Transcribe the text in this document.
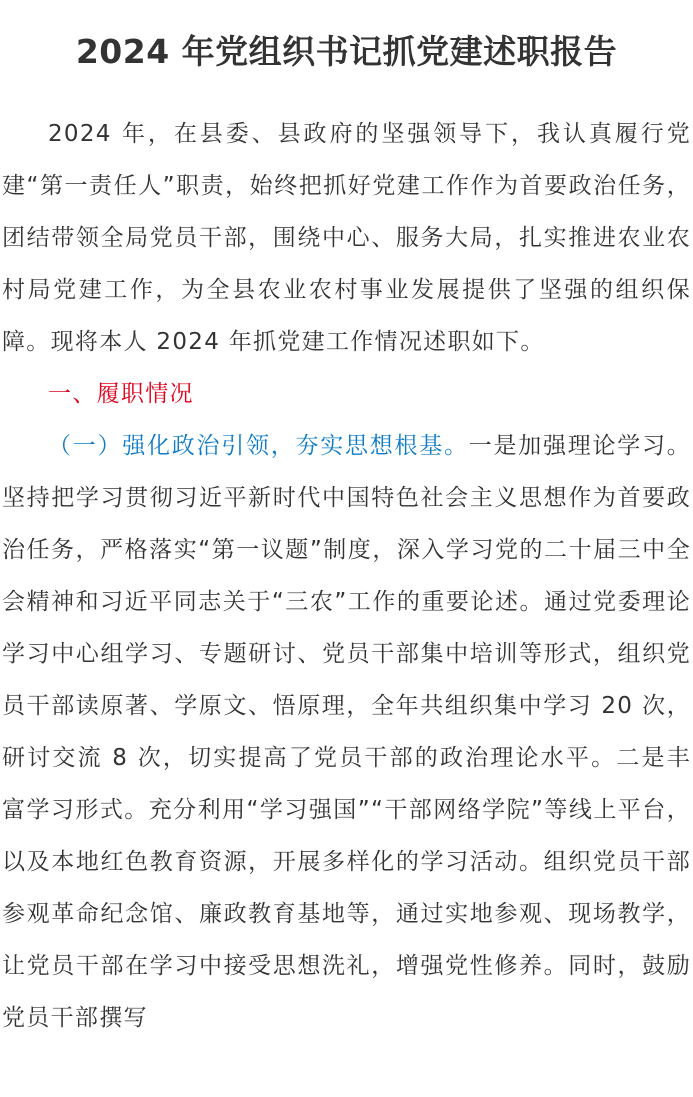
2024 年党组织书记抓党建述职报告

2024 年，在县委、县政府的坚强领导下，我认真履行党建“第一责任人”职责，始终把抓好党建工作作为首要政治任务，团结带领全局党员干部，围绕中心、服务大局，扎实推进农业农村局党建工作，为全县农业农村事业发展提供了坚强的组织保障。现将本人 2024 年抓党建工作情况述职如下。

一、履职情况

（一）强化政治引领，夯实思想根基。一是加强理论学习。坚持把学习贯彻习近平新时代中国特色社会主义思想作为首要政治任务，严格落实“第一议题”制度，深入学习党的二十届三中全会精神和习近平同志关于“三农”工作的重要论述。通过党委理论学习中心组学习、专题研讨、党员干部集中培训等形式，组织党员干部读原著、学原文、悟原理，全年共组织集中学习 20 次，研讨交流 8 次，切实提高了党员干部的政治理论水平。二是丰富学习形式。充分利用“学习强国”“干部网络学院”等线上平台，以及本地红色教育资源，开展多样化的学习活动。组织党员干部参观革命纪念馆、廉政教育基地等，通过实地参观、现场教学，让党员干部在学习中接受思想洗礼，增强党性修养。同时，鼓励党员干部撰写
